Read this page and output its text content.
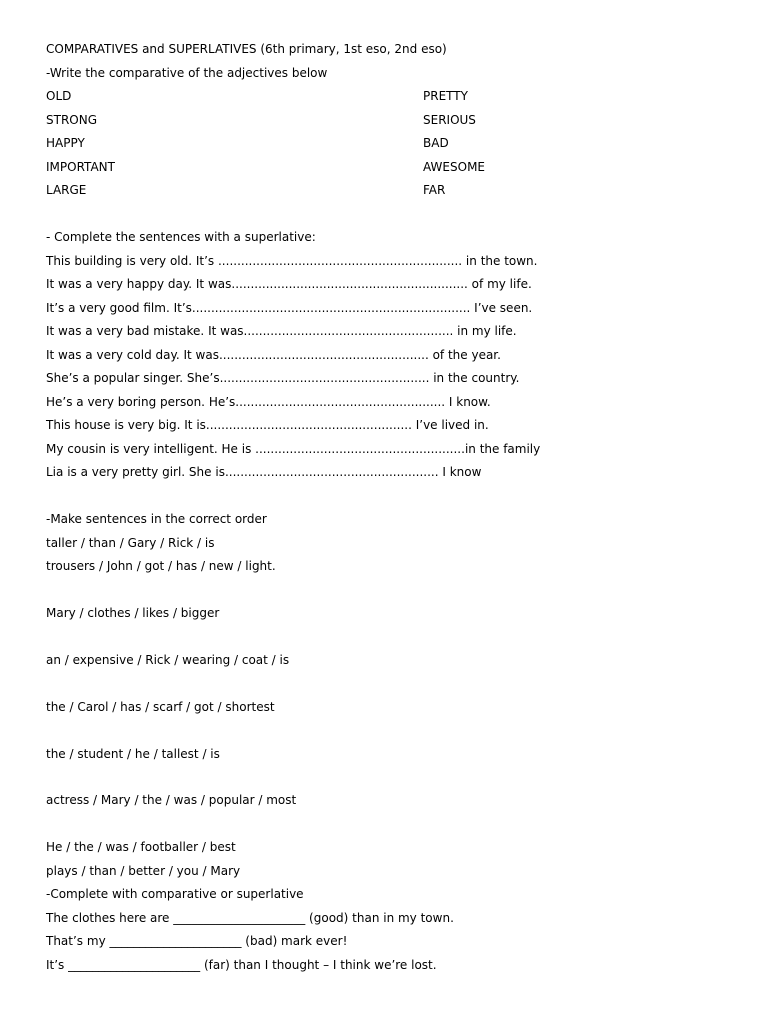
COMPARATIVES and SUPERLATIVES (6th primary, 1st eso, 2nd eso)
-Write the comparative of the adjectives below
OLD	PRETTY
STRONG	SERIOUS
HAPPY	BAD
IMPORTANT	AWESOME
LARGE	FAR
- Complete the sentences with a superlative:
This building is very old. It’s ................................................................ in the town.
It was a very happy day. It was.............................................................. of my life.
It’s a very good film. It’s......................................................................... I’ve seen.
It was a very bad mistake. It was....................................................... in my life.
It was a very cold day. It was....................................................... of the year.
She’s a popular singer. She’s....................................................... in the country.
He’s a very boring person. He’s....................................................... I know.
This house is very big. It is...................................................... I’ve lived in.
My cousin is very intelligent. He is .......................................................in the family
Lia is a very pretty girl. She is........................................................ I know
-Make sentences in the correct order
taller / than / Gary / Rick / is
trousers / John / got / has / new / light.
Mary / clothes / likes / bigger
an / expensive / Rick / wearing / coat / is
the / Carol / has / scarf / got / shortest
the / student / he / tallest / is
actress / Mary / the / was / popular / most
He / the / was / footballer / best
plays / than / better / you / Mary
-Complete with comparative or superlative
The clothes here are ______________________ (good) than in my town.
That’s my ______________________ (bad) mark ever!
It’s ______________________ (far) than I thought – I think we’re lost.
